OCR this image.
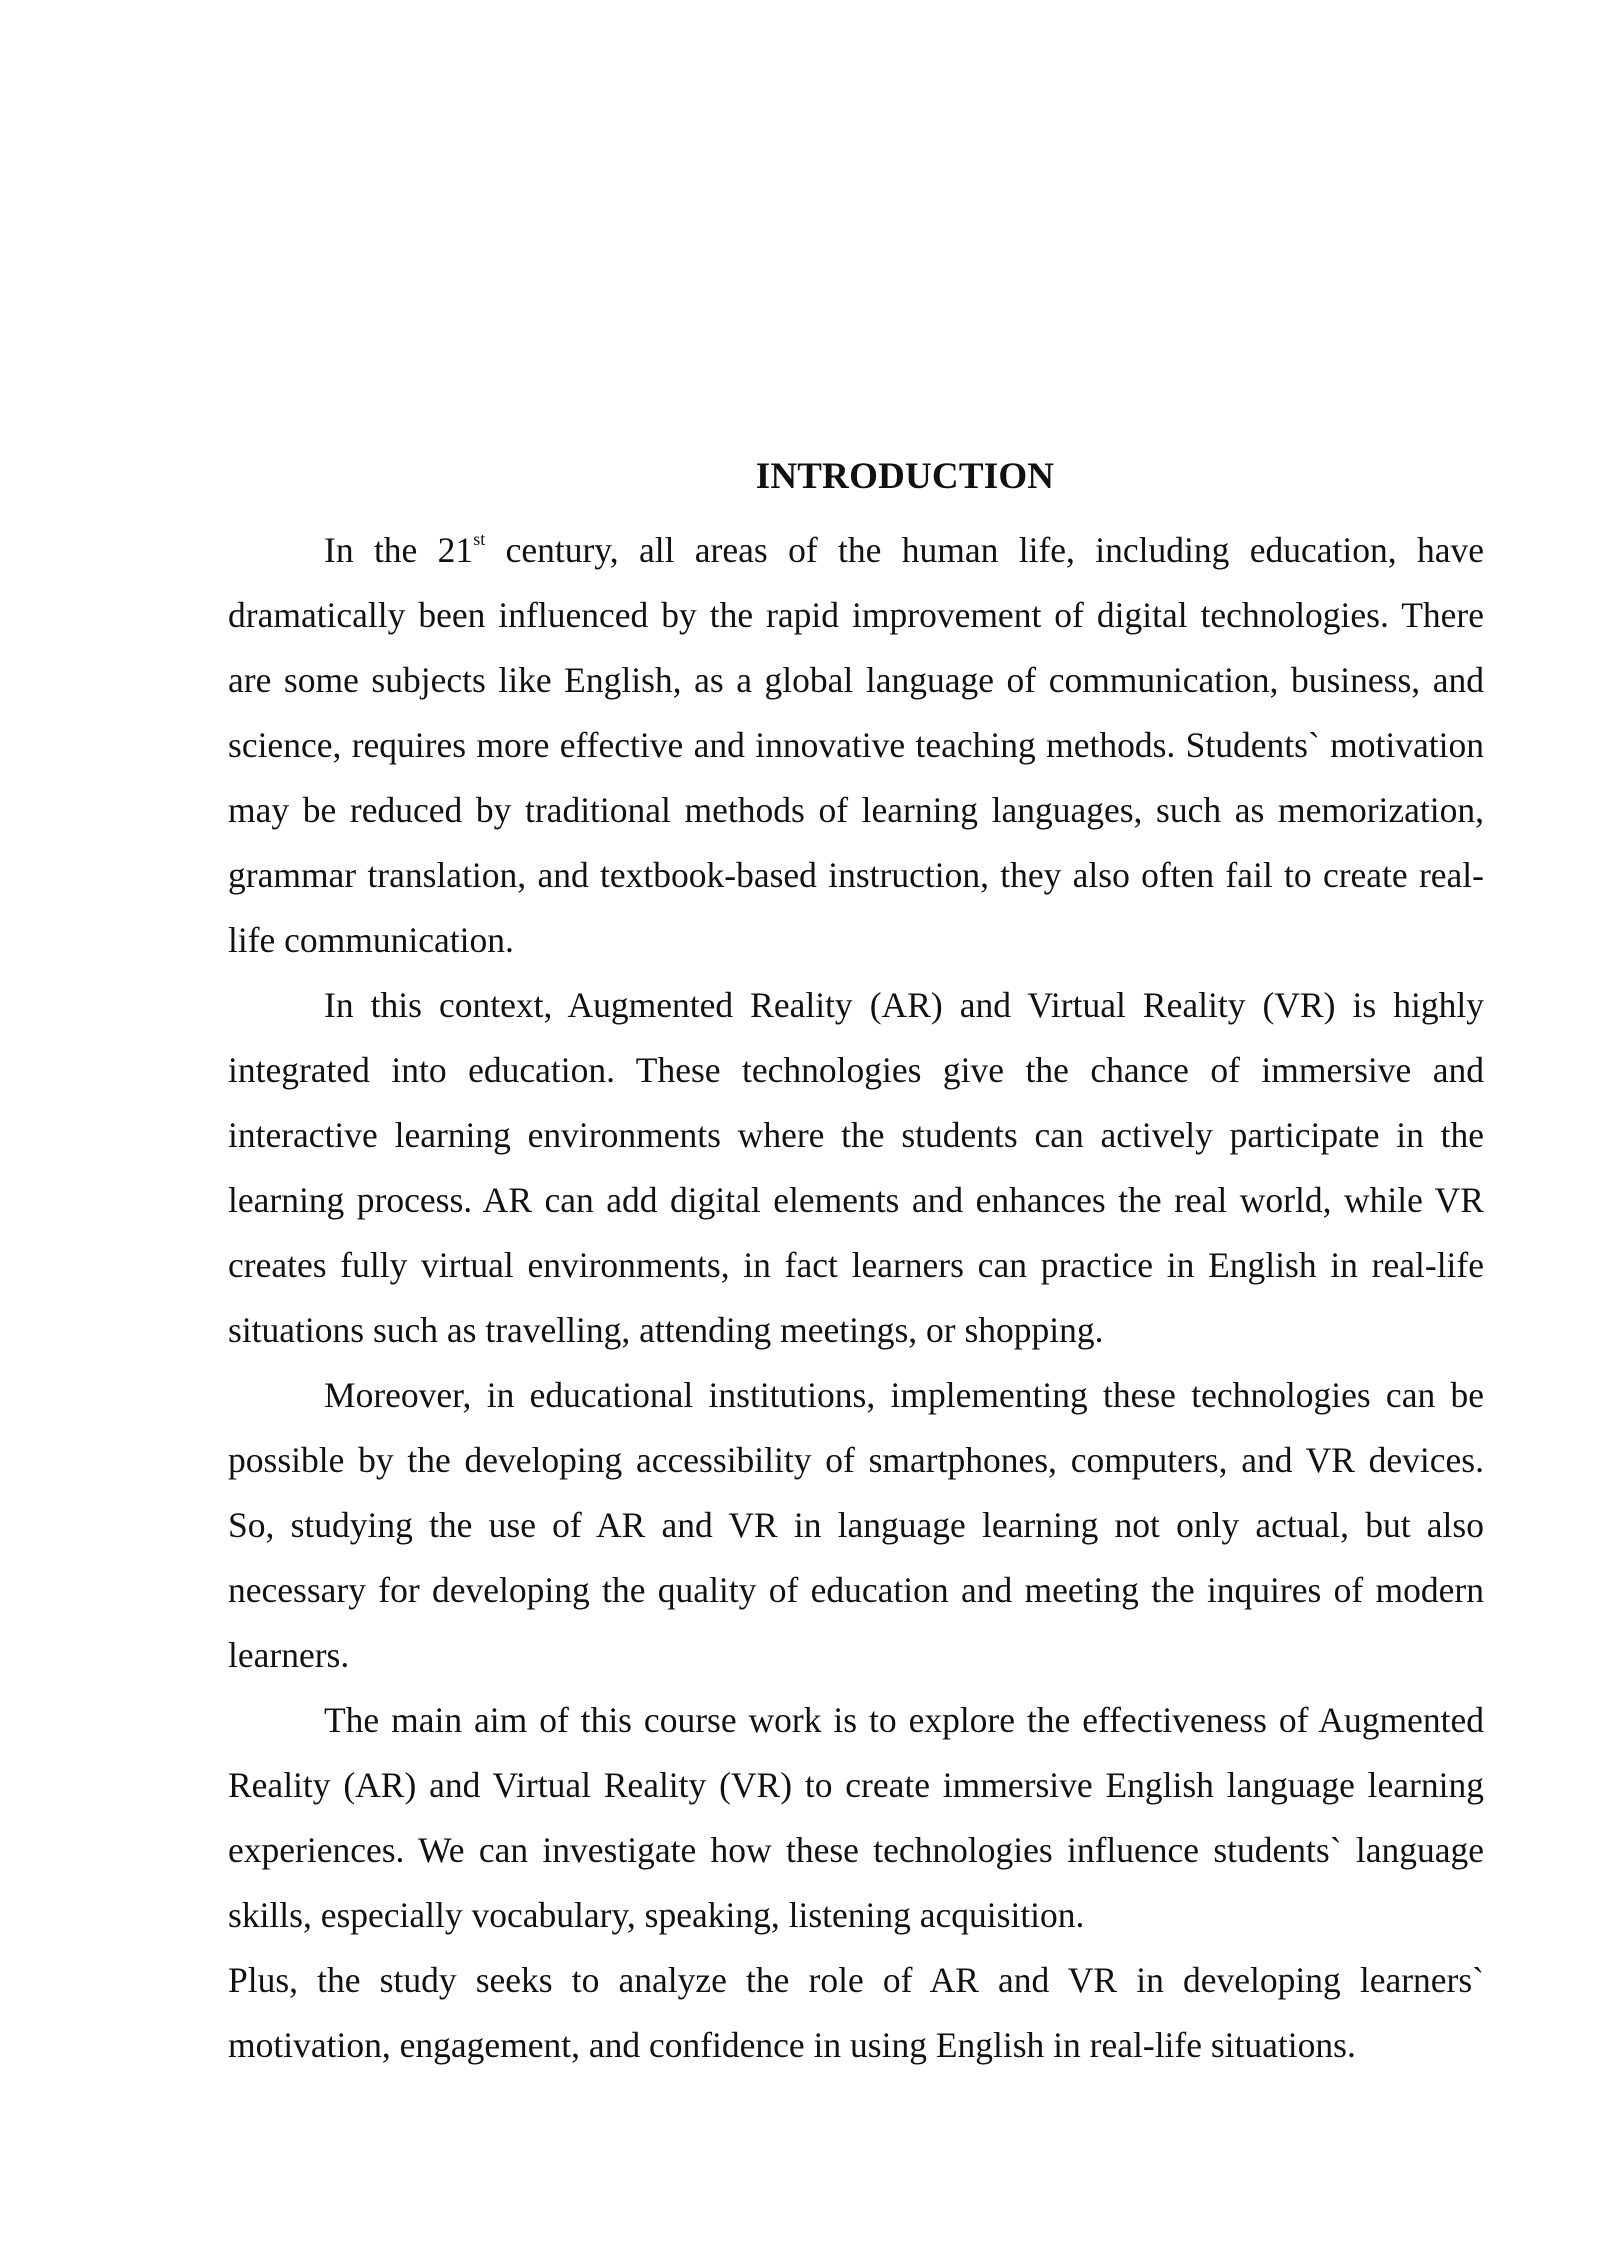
INTRODUCTION

In the 21st century, all areas of the human life, including education, have dramatically been influenced by the rapid improvement of digital technologies. There are some subjects like English, as a global language of communication, business, and science, requires more effective and innovative teaching methods. Students` motivation may be reduced by traditional methods of learning languages, such as memorization, grammar translation, and textbook-based instruction, they also often fail to create real-life communication.

In this context, Augmented Reality (AR) and Virtual Reality (VR) is highly integrated into education. These technologies give the chance of immersive and interactive learning environments where the students can actively participate in the learning process. AR can add digital elements and enhances the real world, while VR creates fully virtual environments, in fact learners can practice in English in real-life situations such as travelling, attending meetings, or shopping.

Moreover, in educational institutions, implementing these technologies can be possible by the developing accessibility of smartphones, computers, and VR devices. So, studying the use of AR and VR in language learning not only actual, but also necessary for developing the quality of education and meeting the inquires of modern learners.

The main aim of this course work is to explore the effectiveness of Augmented Reality (AR) and Virtual Reality (VR) to create immersive English language learning experiences. We can investigate how these technologies influence students` language skills, especially vocabulary, speaking, listening acquisition.

Plus, the study seeks to analyze the role of AR and VR in developing learners` motivation, engagement, and confidence in using English in real-life situations.
